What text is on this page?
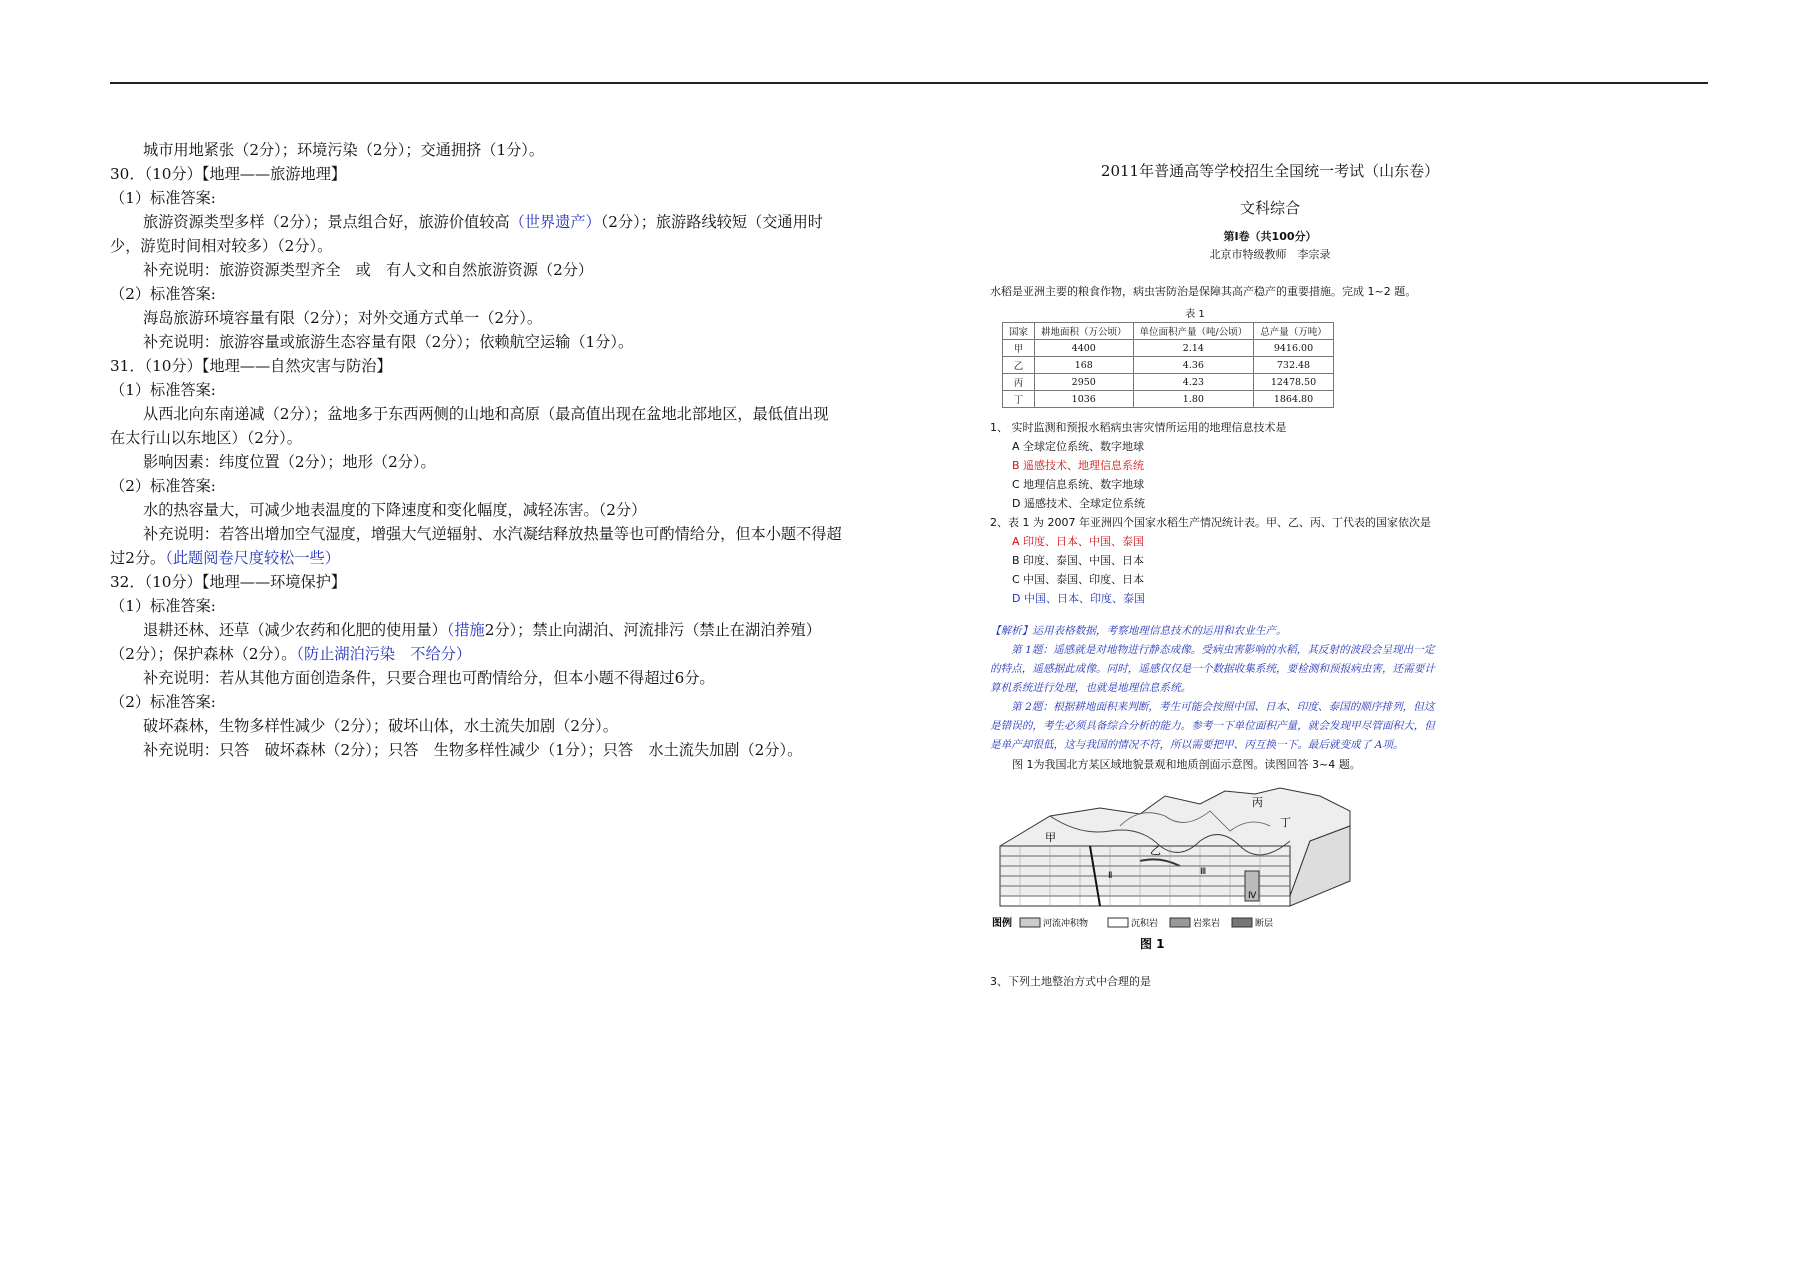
城市用地紧张（2分）；环境污染（2分）；交通拥挤（1分）。

30．（10分）【地理——旅游地理】

（1）标准答案:

旅游资源类型多样（2分）；景点组合好，旅游价值较高（世界遗产）（2分）；旅游路线较短（交通用时

少，游览时间相对较多）（2分）。

补充说明：旅游资源类型齐全　或　有人文和自然旅游资源（2分）

（2）标准答案:

海岛旅游环境容量有限（2分）；对外交通方式单一（2分）。

补充说明：旅游容量或旅游生态容量有限（2分）；依赖航空运输（1分）。

31．（10分）【地理——自然灾害与防治】

（1）标准答案:

从西北向东南递减（2分）；盆地多于东西两侧的山地和高原（最高值出现在盆地北部地区，最低值出现

在太行山以东地区）（2分）。

影响因素：纬度位置（2分）；地形（2分）。

（2）标准答案:

水的热容量大，可减少地表温度的下降速度和变化幅度，减轻冻害。（2分）

补充说明：若答出增加空气湿度，增强大气逆辐射、水汽凝结释放热量等也可酌情给分，但本小题不得超

过2分。（此题阅卷尺度较松一些）

32．（10分）【地理——环境保护】

（1）标准答案:

退耕还林、还草（减少农药和化肥的使用量）（措施2分）；禁止向湖泊、河流排污（禁止在湖泊养殖）

（2分）；保护森林（2分）。（防止湖泊污染　不给分）

补充说明：若从其他方面创造条件，只要合理也可酌情给分，但本小题不得超过6分。

（2）标准答案:

破坏森林，生物多样性减少（2分）；破坏山体，水土流失加剧（2分）。

补充说明：只答　破坏森林（2分）；只答　生物多样性减少（1分）；只答　水土流失加剧（2分）。

2011年普通高等学校招生全国统一考试（山东卷）

文科综合

第Ⅰ卷（共100分）

北京市特级教师　李宗录

水稻是亚洲主要的粮食作物，病虫害防治是保障其高产稳产的重要措施。完成 1~2 题。

表 1

国家	耕地面积（万公顷）	单位面积产量（吨/公顷）	总产量（万吨）
甲	4400	2.14	9416.00
乙	168	4.36	732.48
丙	2950	4.23	12478.50
丁	1036	1.80	1864.80

1、 实时监测和预报水稻病虫害灾情所运用的地理信息技术是

A 全球定位系统、数字地球

B 遥感技术、地理信息系统

C 地理信息系统、数字地球

D 遥感技术、全球定位系统

2、表 1 为 2007 年亚洲四个国家水稻生产情况统计表。甲、乙、丙、丁代表的国家依次是

A 印度、日本、中国、泰国

B 印度、泰国、中国、日本

C 中国、泰国、印度、日本

D 中国、日本、印度、泰国

【解析】运用表格数据，考察地理信息技术的运用和农业生产。

　　第 1题：遥感就是对地物进行静态成像。受病虫害影响的水稻，其反射的波段会呈现出一定

的特点，遥感据此成像。同时，遥感仅仅是一个数据收集系统，要检测和预报病虫害，还需要计

算机系统进行处理，也就是地理信息系统。

　　第 2题：根据耕地面积来判断，考生可能会按照中国、日本、印度、泰国的顺序排列，但这

是错误的，考生必须具备综合分析的能力。参考一下单位面积产量，就会发现甲尽管面积大，但

是单产却很低，这与我国的情况不符，所以需要把甲、丙互换一下。最后就变成了 A项。

　　图 1为我国北方某区域地貌景观和地质剖面示意图。读图回答 3~4 题。

甲
乙
丙
丁
Ⅱ	Ⅲ
Ⅳ
图例	河流冲积物	沉积岩	岩浆岩	断层
图 1

3、下列土地整治方式中合理的是
